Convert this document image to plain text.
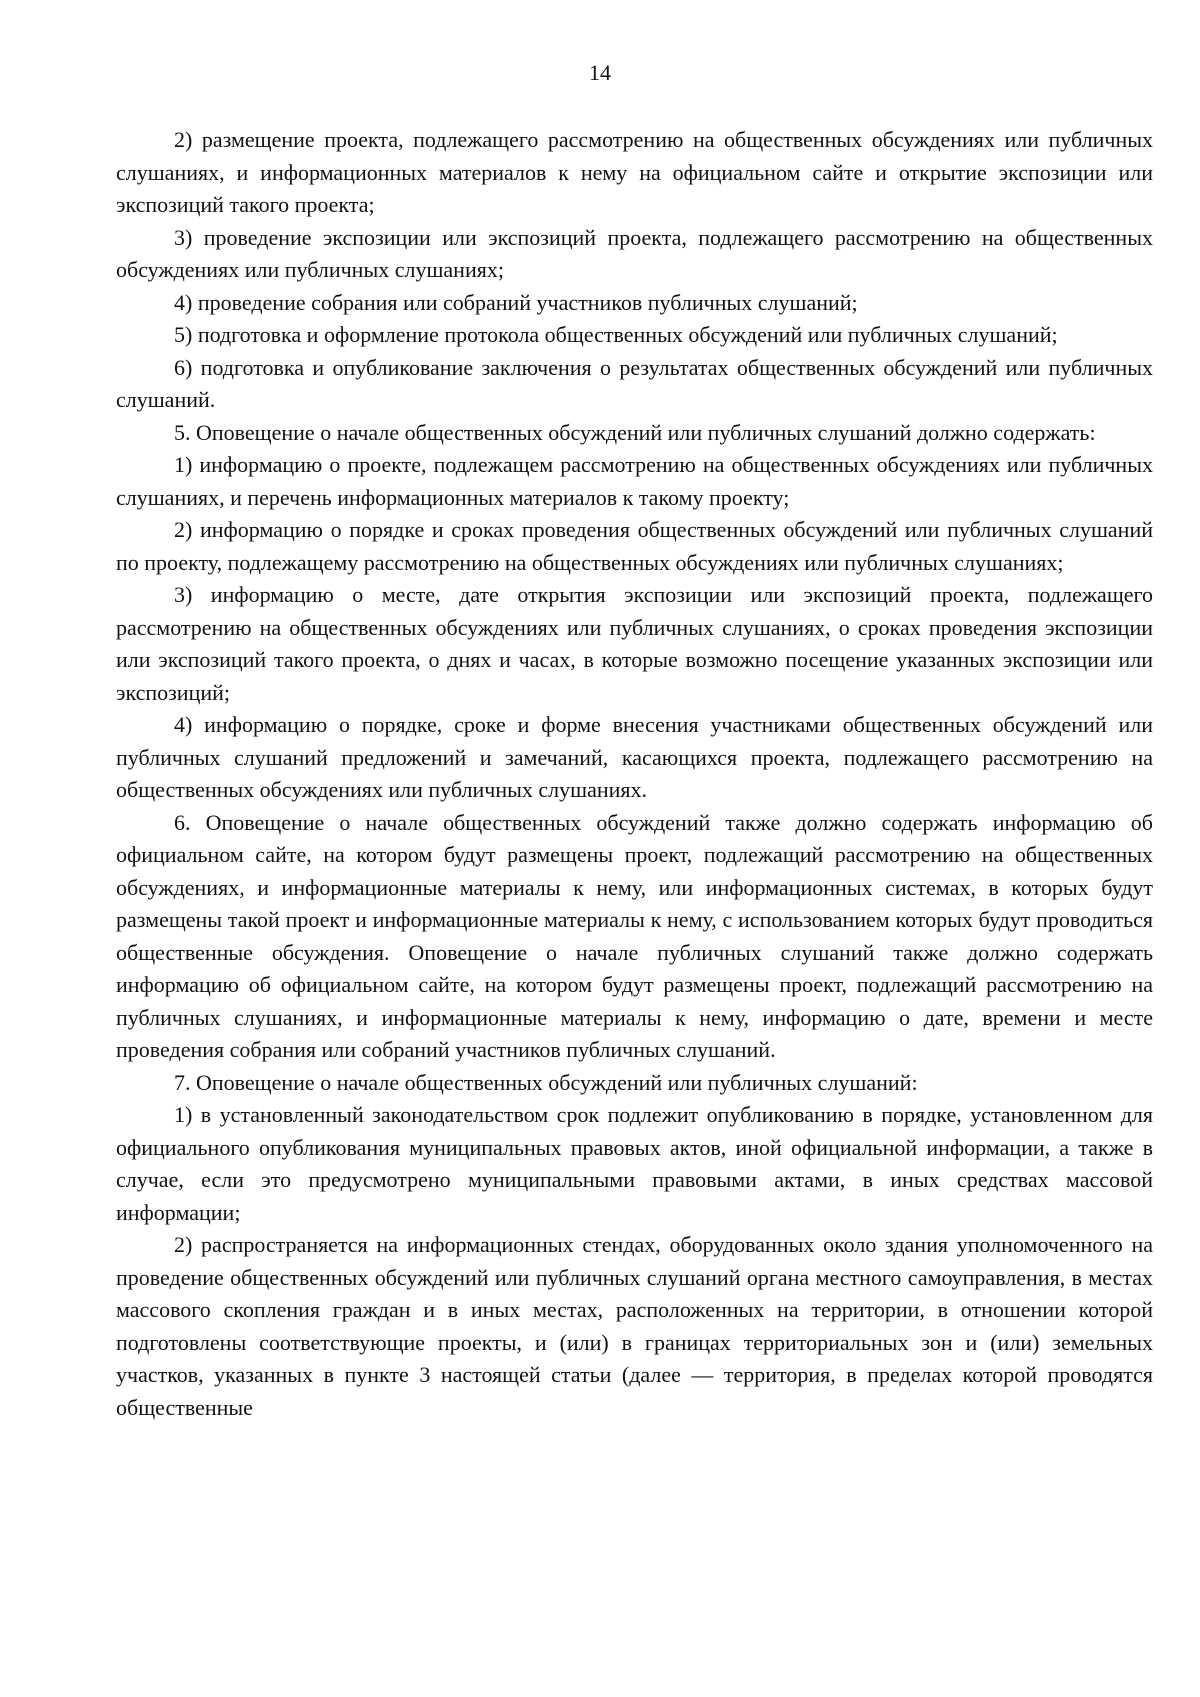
14

2) размещение проекта, подлежащего рассмотрению на общественных обсуждениях или публичных слушаниях, и информационных материалов к нему на официальном сайте и открытие экспозиции или экспозиций такого проекта;

3) проведение экспозиции или экспозиций проекта, подлежащего рассмотрению на общественных обсуждениях или публичных слушаниях;

4) проведение собрания или собраний участников публичных слушаний;

5) подготовка и оформление протокола общественных обсуждений или публичных слушаний;

6) подготовка и опубликование заключения о результатах общественных обсуждений или публичных слушаний.

5. Оповещение о начале общественных обсуждений или публичных слушаний должно содержать:

1) информацию о проекте, подлежащем рассмотрению на общественных обсуждениях или публичных слушаниях, и перечень информационных материалов к такому проекту;

2) информацию о порядке и сроках проведения общественных обсуждений или публичных слушаний по проекту, подлежащему рассмотрению на общественных обсуждениях или публичных слушаниях;

3) информацию о месте, дате открытия экспозиции или экспозиций проекта, подлежащего рассмотрению на общественных обсуждениях или публичных слушаниях, о сроках проведения экспозиции или экспозиций такого проекта, о днях и часах, в которые возможно посещение указанных экспозиции или экспозиций;

4) информацию о порядке, сроке и форме внесения участниками общественных обсуждений или публичных слушаний предложений и замечаний, касающихся проекта, подлежащего рассмотрению на общественных обсуждениях или публичных слушаниях.

6. Оповещение о начале общественных обсуждений также должно содержать информацию об официальном сайте, на котором будут размещены проект, подлежащий рассмотрению на общественных обсуждениях, и информационные материалы к нему, или информационных системах, в которых будут размещены такой проект и информационные материалы к нему, с использованием которых будут проводиться общественные обсуждения. Оповещение о начале публичных слушаний также должно содержать информацию об официальном сайте, на котором будут размещены проект, подлежащий рассмотрению на публичных слушаниях, и информационные материалы к нему, информацию о дате, времени и месте проведения собрания или собраний участников публичных слушаний.

7. Оповещение о начале общественных обсуждений или публичных слушаний:

1) в установленный законодательством срок подлежит опубликованию в порядке, установленном для официального опубликования муниципальных правовых актов, иной официальной информации, а также в случае, если это предусмотрено муниципальными правовыми актами, в иных средствах массовой информации;

2) распространяется на информационных стендах, оборудованных около здания уполномоченного на проведение общественных обсуждений или публичных слушаний органа местного самоуправления, в местах массового скопления граждан и в иных местах, расположенных на территории, в отношении которой подготовлены соответствующие проекты, и (или) в границах территориальных зон и (или) земельных участков, указанных в пункте 3 настоящей статьи (далее — территория, в пределах которой проводятся общественные
